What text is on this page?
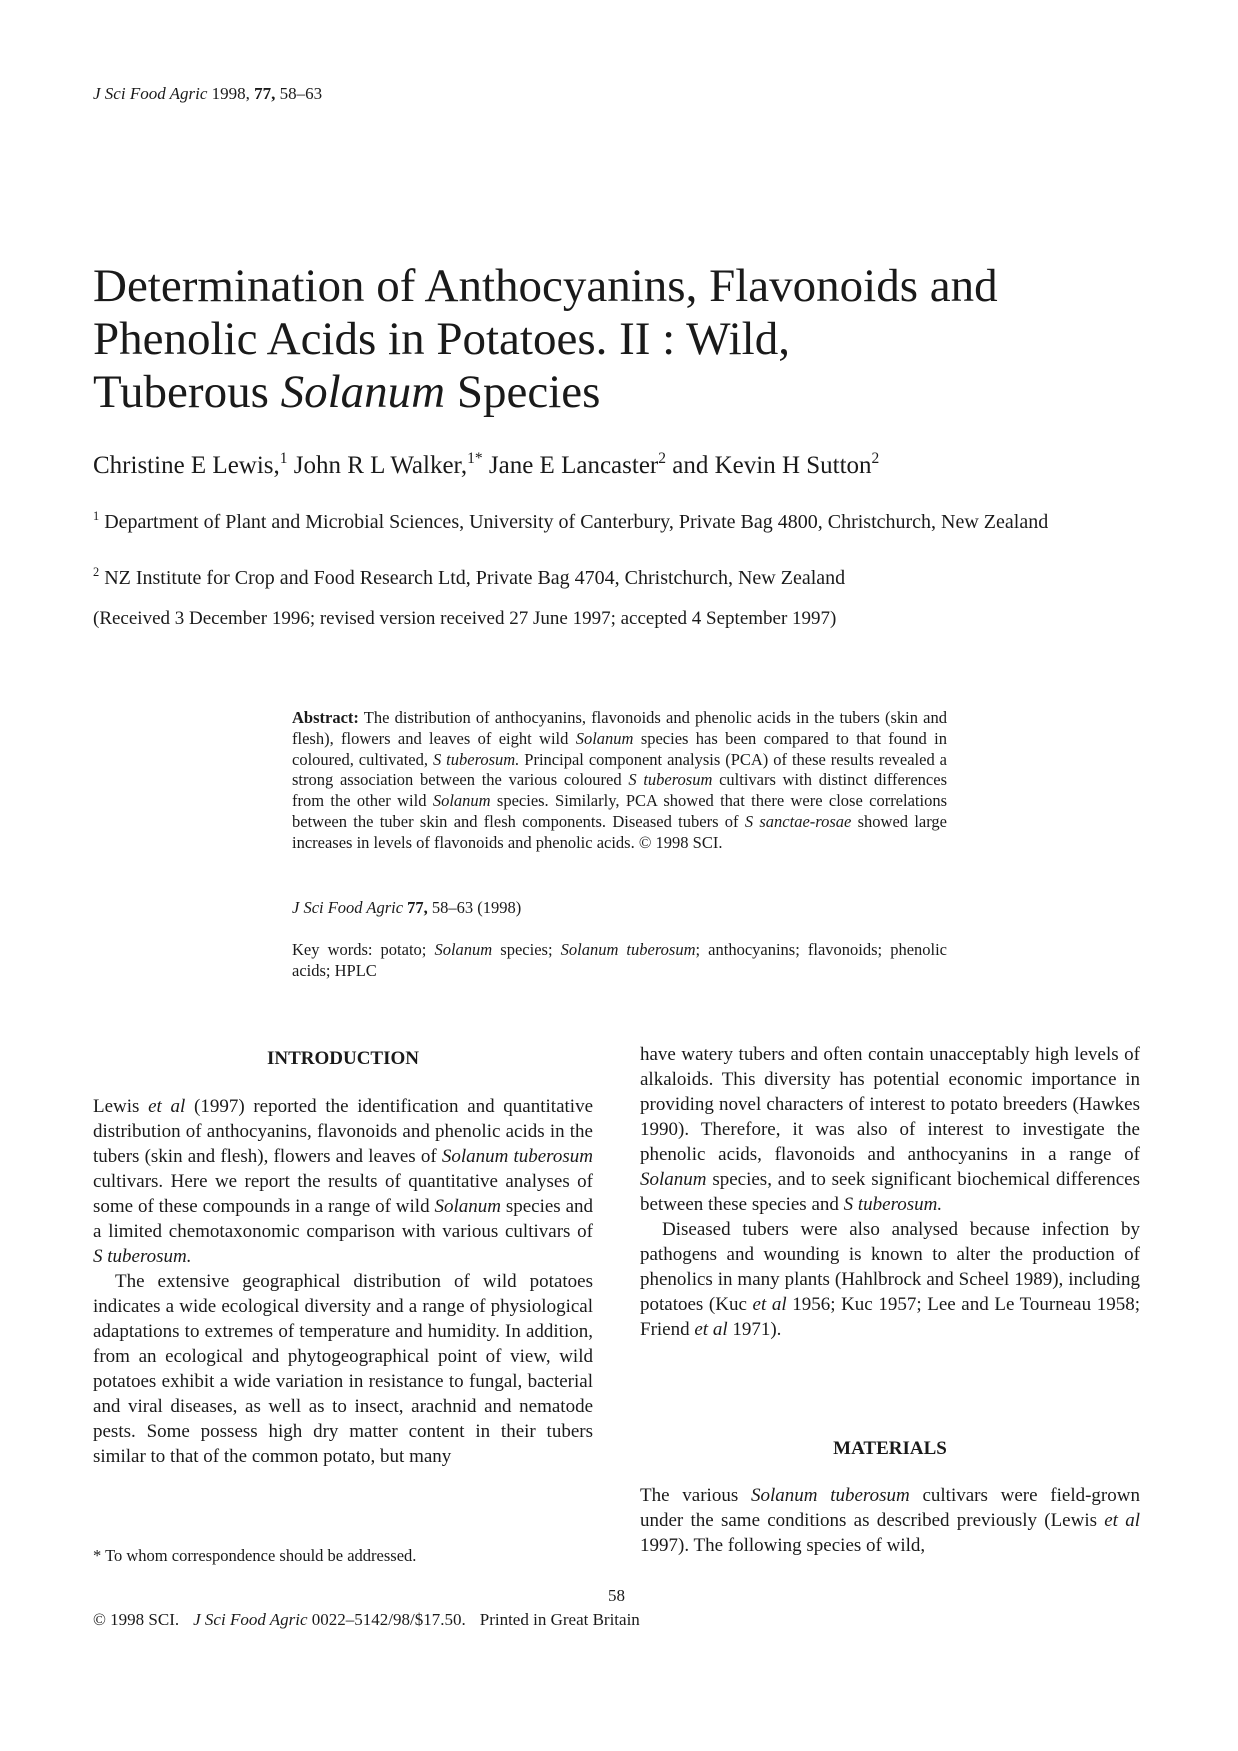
J Sci Food Agric 1998, 77, 58–63
Determination of Anthocyanins, Flavonoids and
Phenolic Acids in Potatoes. II : Wild,
Tuberous Solanum Species
Christine E Lewis,$^1$ John R L Walker,$^{1*}$ Jane E Lancaster$^2$ and Kevin H Sutton$^2$
$^1$ Department of Plant and Microbial Sciences, University of Canterbury, Private Bag 4800, Christchurch, New Zealand
$^2$ NZ Institute for Crop and Food Research Ltd, Private Bag 4704, Christchurch, New Zealand
(Received 3 December 1996; revised version received 27 June 1997; accepted 4 September 1997)
Abstract: The distribution of anthocyanins, flavonoids and phenolic acids in the tubers (skin and flesh), flowers and leaves of eight wild Solanum species has been compared to that found in coloured, cultivated, S tuberosum. Principal component analysis (PCA) of these results revealed a strong association between the various coloured S tuberosum cultivars with distinct differences from the other wild Solanum species. Similarly, PCA showed that there were close correlations between the tuber skin and flesh components. Diseased tubers of S sanctae-rosae showed large increases in levels of flavonoids and phenolic acids. © 1998 SCI.
J Sci Food Agric 77, 58–63 (1998)
Key words: potato; Solanum species; Solanum tuberosum; anthocyanins; flavonoids; phenolic acids; HPLC
INTRODUCTION

Lewis et al (1997) reported the identification and quantitative distribution of anthocyanins, flavonoids and phenolic acids in the tubers (skin and flesh), flowers and leaves of Solanum tuberosum cultivars. Here we report the results of quantitative analyses of some of these compounds in a range of wild Solanum species and a limited chemotaxonomic comparison with various cultivars of S tuberosum.

The extensive geographical distribution of wild potatoes indicates a wide ecological diversity and a range of physiological adaptations to extremes of temperature and humidity. In addition, from an ecological and phytogeographical point of view, wild potatoes exhibit a wide variation in resistance to fungal, bacterial and viral diseases, as well as to insect, arachnid and nematode pests. Some possess high dry matter content in their tubers similar to that of the common potato, but many

have watery tubers and often contain unacceptably high levels of alkaloids. This diversity has potential economic importance in providing novel characters of interest to potato breeders (Hawkes 1990). Therefore, it was also of interest to investigate the phenolic acids, flavonoids and anthocyanins in a range of Solanum species, and to seek significant biochemical differences between these species and S tuberosum.

Diseased tubers were also analysed because infection by pathogens and wounding is known to alter the production of phenolics in many plants (Hahlbrock and Scheel 1989), including potatoes (Kuc et al 1956; Kuc 1957; Lee and Le Tourneau 1958; Friend et al 1971).

MATERIALS

The various Solanum tuberosum cultivars were field-grown under the same conditions as described previously (Lewis et al 1997). The following species of wild,

* To whom correspondence should be addressed.
58
© 1998 SCI. J Sci Food Agric 0022–5142/98/$17.50. Printed in Great Britain
